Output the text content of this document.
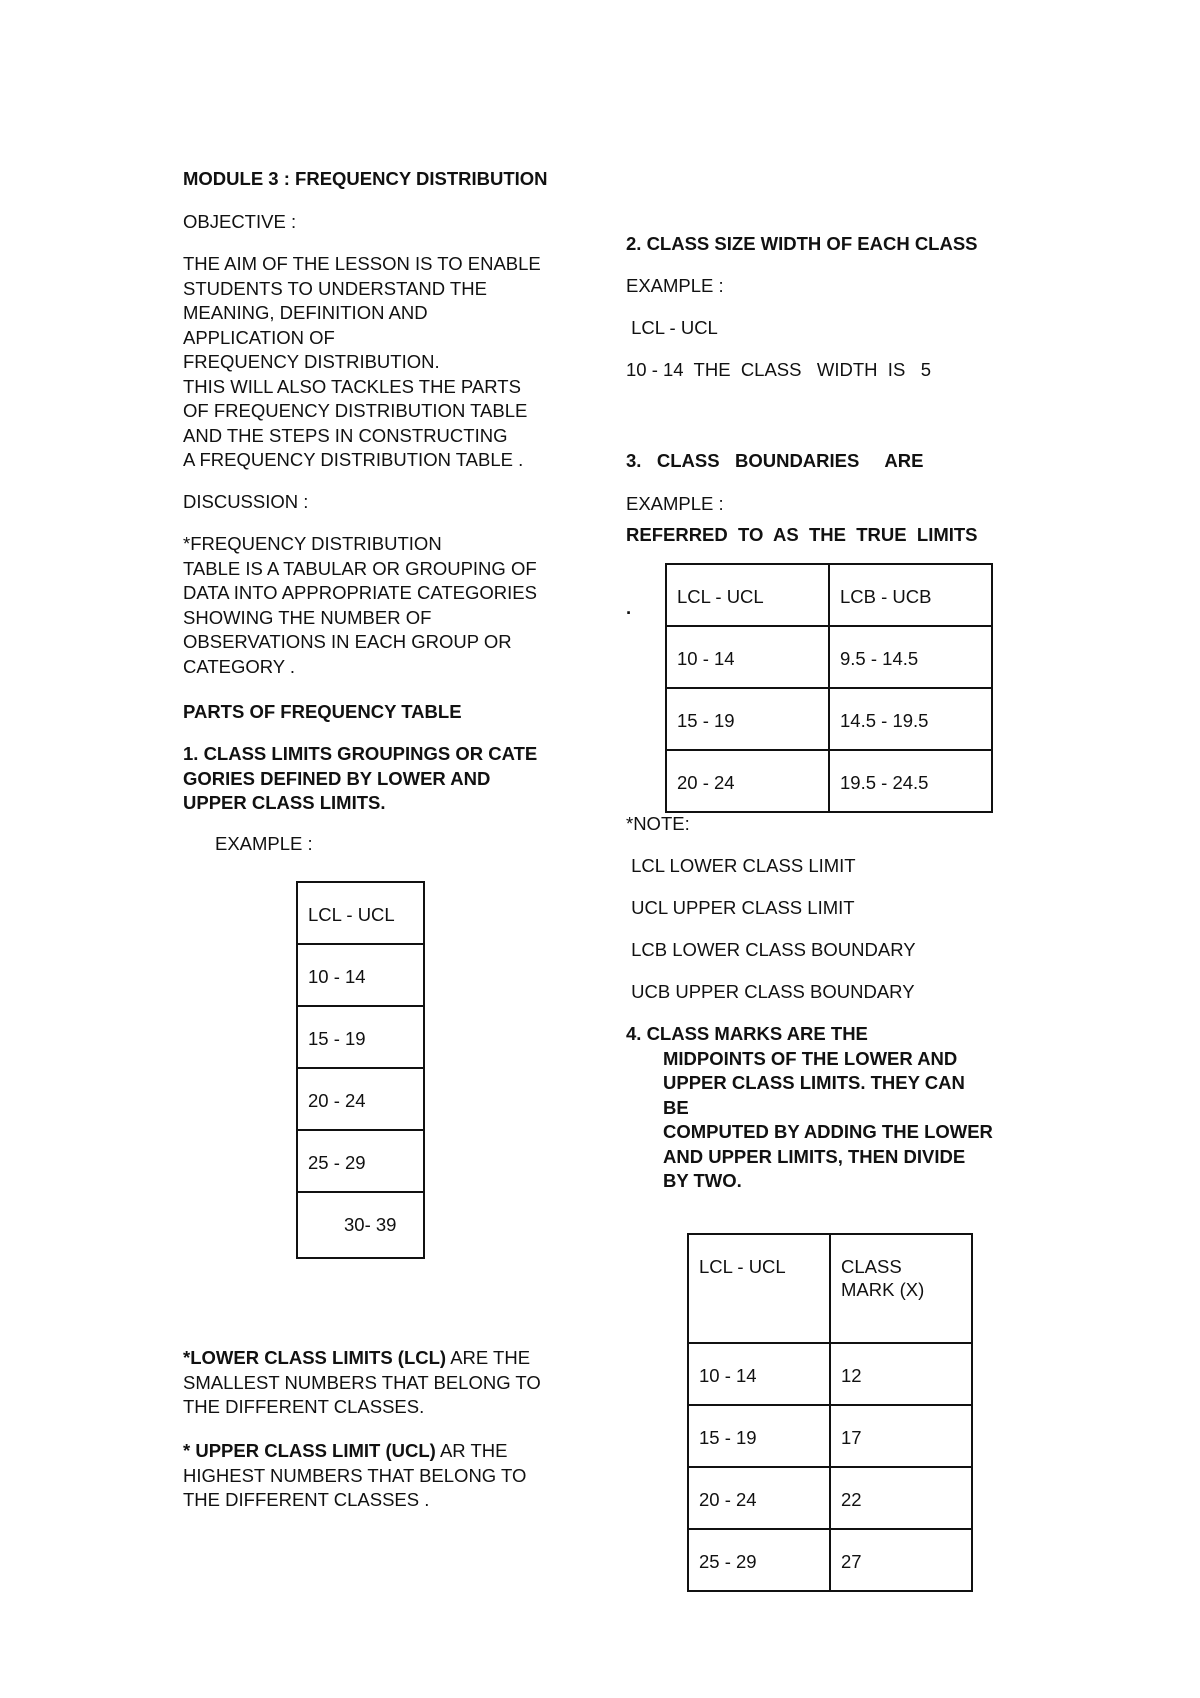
MODULE 3 : FREQUENCY DISTRIBUTION
OBJECTIVE :
THE AIM OF THE LESSON IS TO ENABLE
STUDENTS TO UNDERSTAND THE
MEANING, DEFINITION AND
APPLICATION OF
FREQUENCY DISTRIBUTION.
THIS WILL ALSO TACKLES THE PARTS
OF FREQUENCY DISTRIBUTION TABLE
AND THE STEPS IN CONSTRUCTING
A FREQUENCY DISTRIBUTION TABLE .
DISCUSSION :
*FREQUENCY DISTRIBUTION
TABLE IS A TABULAR OR GROUPING OF
DATA INTO APPROPRIATE CATEGORIES
SHOWING THE NUMBER OF
OBSERVATIONS IN EACH GROUP OR
CATEGORY .
PARTS OF FREQUENCY TABLE
1. CLASS LIMITS GROUPINGS OR CATE
GORIES DEFINED BY LOWER AND
UPPER CLASS LIMITS.
EXAMPLE :
LCL - UCL
10 - 14
15 - 19
20 - 24
25 - 29
30- 39
*LOWER CLASS LIMITS (LCL) ARE THE
SMALLEST NUMBERS THAT BELONG TO
THE DIFFERENT CLASSES.
* UPPER CLASS LIMIT (UCL) AR THE
HIGHEST NUMBERS THAT BELONG TO
THE DIFFERENT CLASSES .
2. CLASS SIZE WIDTH OF EACH CLASS
EXAMPLE :
LCL - UCL
10 - 14  THE  CLASS   WIDTH  IS   5

3.   CLASS   BOUNDARIES     ARE

REFERRED  TO  AS  THE  TRUE  LIMITS

.

EXAMPLE :
LCL - UCL	LCB - UCB
10 - 14	9.5 - 14.5
15 - 19	14.5 - 19.5
20 - 24	19.5 - 24.5
*NOTE:
LCL LOWER CLASS LIMIT
UCL UPPER CLASS LIMIT
LCB LOWER CLASS BOUNDARY
UCB UPPER CLASS BOUNDARY
4. CLASS MARKS ARE THE
MIDPOINTS OF THE LOWER AND
UPPER CLASS LIMITS. THEY CAN
BE
COMPUTED BY ADDING THE LOWER
AND UPPER LIMITS, THEN DIVIDE
BY TWO.
LCL - UCL	CLASS
MARK (X)

10 - 14	12
15 - 19	17
20 - 24	22
25 - 29	27
